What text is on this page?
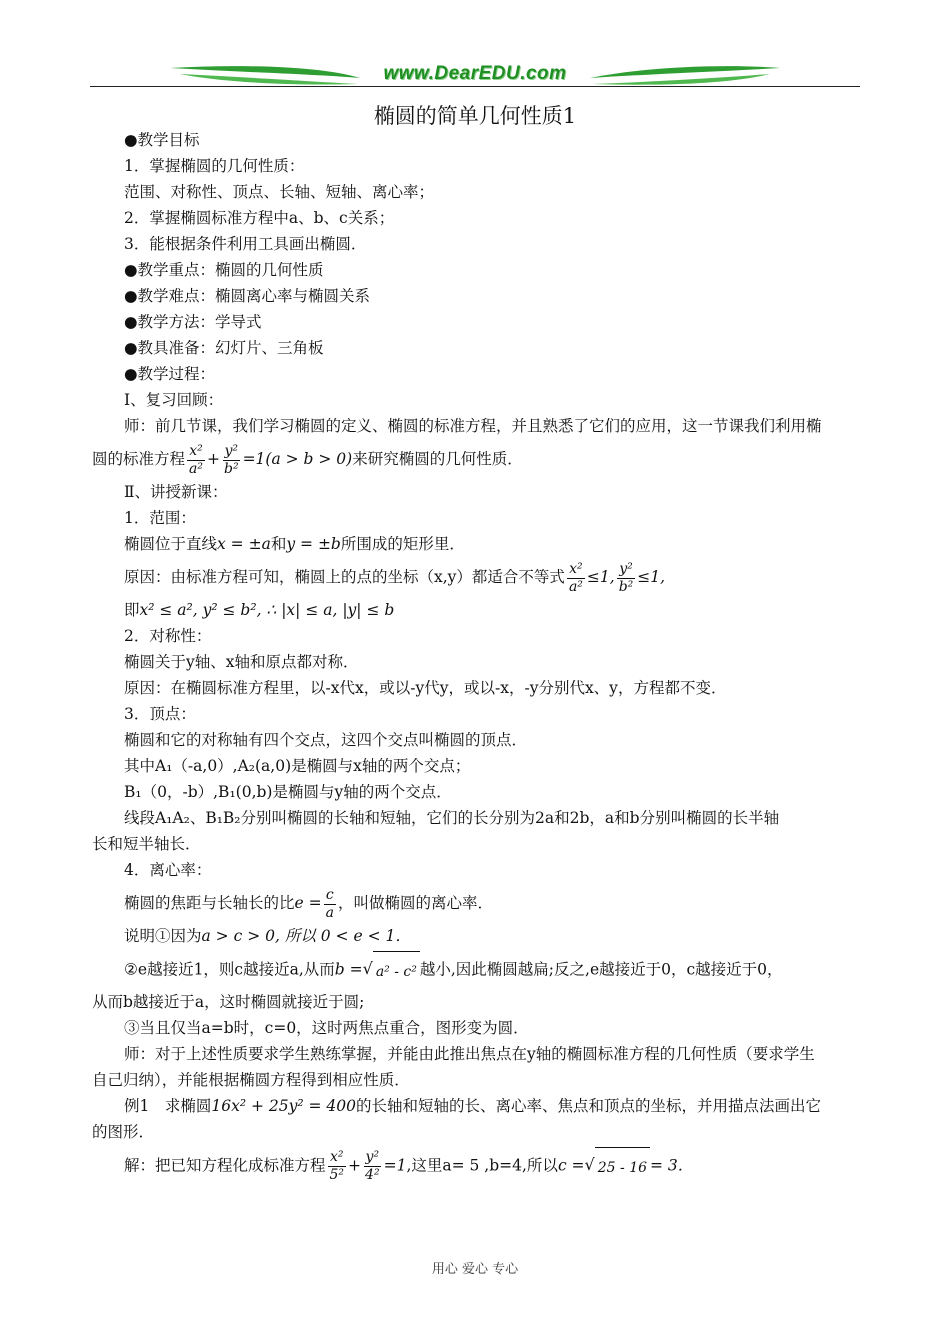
www.DearEDU.com
椭圆的简单几何性质1
●教学目标
1．掌握椭圆的几何性质：
范围、对称性、顶点、长轴、短轴、离心率；
2．掌握椭圆标准方程中a、b、c关系；
3．能根据条件利用工具画出椭圆．
●教学重点：椭圆的几何性质
●教学难点：椭圆离心率与椭圆关系
●教学方法：学导式
●教具准备：幻灯片、三角板
●教学过程：
Ⅰ、复习回顾：
师：前几节课，我们学习椭圆的定义、椭圆的标准方程，并且熟悉了它们的应用，这一节课我们利用椭
圆的标准方程 $\frac{\text{x²}}{\text{a²}} + \frac{\text{y²}}{\text{b²}} =1(a > b > 0)$来研究椭圆的几何性质．
Ⅱ、讲授新课：
1．范围：
椭圆位于直线x = ±a和y = ±b所围成的矩形里．
原因：由标准方程可知，椭圆上的点的坐标（x,y）都适合不等式 $\frac{\text{x²}}{\text{a²}} \le 1$, $\frac{\text{y²}}{\text{b²}} \le 1$,
即x² ≤ a², y² ≤ b², ∴ |x| ≤ a, |y| ≤ b
2．对称性：
椭圆关于y轴、x轴和原点都对称．
原因：在椭圆标准方程里，以-x代x，或以-y代y，或以-x，-y分别代x、y，方程都不变．
3．顶点：
椭圆和它的对称轴有四个交点，这四个交点叫椭圆的顶点．
其中A₁（-a,0）,A₂(a,0)是椭圆与x轴的两个交点；
B₁（0，-b）,B₁(0,b)是椭圆与y轴的两个交点．
线段A₁A₂、B₁B₂分别叫椭圆的长轴和短轴，它们的长分别为2a和2b，a和b分别叫椭圆的长半轴
长和短半轴长．
4．离心率：
椭圆的焦距与长轴长的比$e = \frac{c}{a}$ ，叫做椭圆的离心率．
说明①因为a > c > 0, 所以 0 < e < 1．
②e越接近1，则c越接近a,从而b = √ a² - c² 越小,因此椭圆越扁;反之,e越接近于0，c越接近于0，
从而b越接近于a，这时椭圆就接近于圆;
③当且仅当a=b时，c=0，这时两焦点重合，图形变为圆．
师：对于上述性质要求学生熟练掌握，并能由此推出焦点在y轴的椭圆标准方程的几何性质（要求学生
自己归纳），并能根据椭圆方程得到相应性质．
例1　求椭圆16x² + 25y² = 400的长轴和短轴的长、离心率、焦点和顶点的坐标，并用描点法画出它
的图形．
解：把已知方程化成标准方程 $\frac{\text{x²}}{\text{5²}} + \frac{\text{y²}}{\text{4²}} =1$,这里a= 5 ,b=4,所以c = √ 25 - 16 = 3．
用心 爱心 专心
